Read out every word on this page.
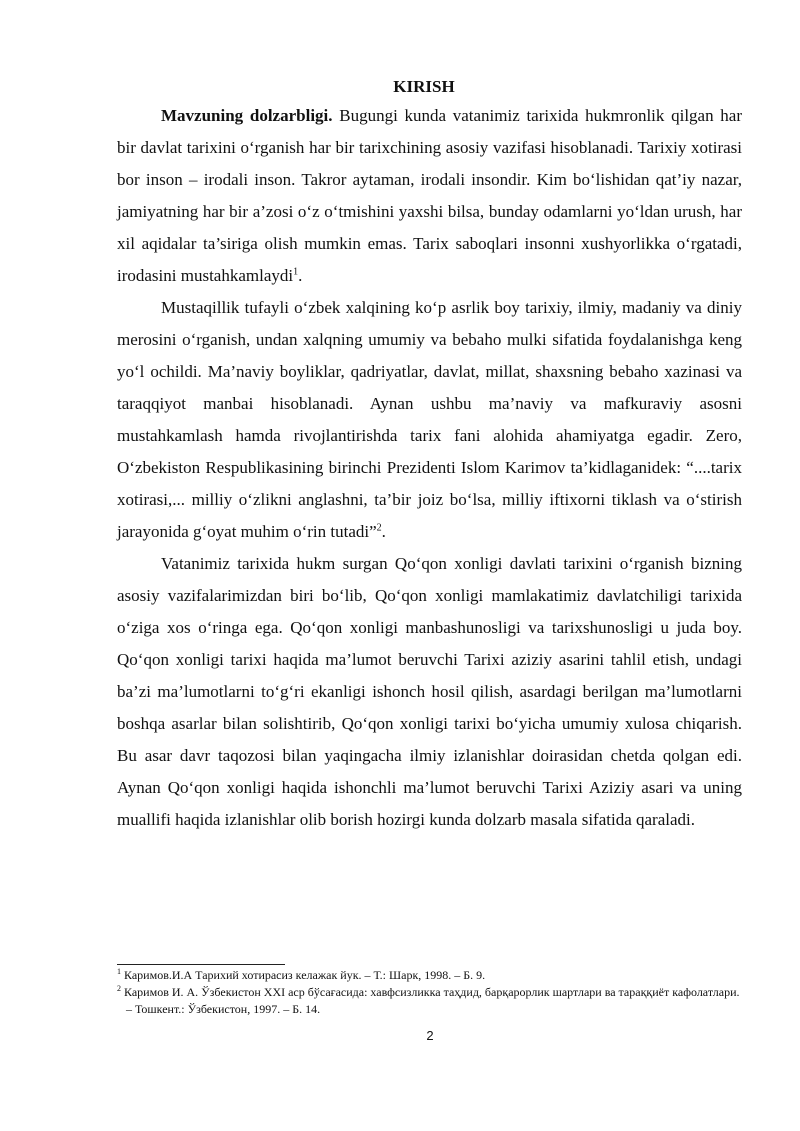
KIRISH

Mavzuning dolzarbligi. Bugungi kunda vatanimiz tarixida hukmronlik qilgan har bir davlat tarixini o‘rganish har bir tarixchining asosiy vazifasi hisoblanadi. Tarixiy xotirasi bor inson – irodali inson. Takror aytaman, irodali insondir. Kim bo‘lishidan qat’iy nazar, jamiyatning har bir a’zosi o‘z o‘tmishini yaxshi bilsa, bunday odamlarni yo‘ldan urush, har xil aqidalar ta’siriga olish mumkin emas. Tarix saboqlari insonni xushyorlikka o‘rgatadi, irodasini mustahkamlaydi$^1$.

Mustaqillik tufayli o‘zbek xalqining ko‘p asrlik boy tarixiy, ilmiy, madaniy va diniy merosini o‘rganish, undan xalqning umumiy va bebaho mulki sifatida foydalanishga keng yo‘l ochildi. Ma’naviy boyliklar, qadriyatlar, davlat, millat, shaxsning bebaho xazinasi va taraqqiyot manbai hisoblanadi. Aynan ushbu ma’naviy va mafkuraviy asosni mustahkamlash hamda rivojlantirishda tarix fani alohida ahamiyatga egadir. Zero, O‘zbekiston Respublikasining birinchi Prezidenti Islom Karimov ta’kidlaganidek: “....tarix xotirasi,... milliy o‘zlikni anglashni, ta’bir joiz bo‘lsa, milliy iftixorni tiklash va o‘stirish jarayonida g‘oyat muhim o‘rin tutadi”$^2$.

Vatanimiz tarixida hukm surgan Qo‘qon xonligi davlati tarixini o‘rganish bizning asosiy vazifalarimizdan biri bo‘lib, Qo‘qon xonligi mamlakatimiz davlatchiligi tarixida o‘ziga xos o‘ringa ega. Qo‘qon xonligi manbashunosligi va tarixshunosligi u juda boy. Qo‘qon xonligi tarixi haqida ma’lumot beruvchi Tarixi aziziy asarini tahlil etish, undagi ba’zi ma’lumotlarni to‘g‘ri ekanligi ishonch hosil qilish, asardagi berilgan ma’lumotlarni boshqa asarlar bilan solishtirib, Qo‘qon xonligi tarixi bo‘yicha umumiy xulosa chiqarish. Bu asar davr taqozosi bilan yaqingacha ilmiy izlanishlar doirasidan chetda qolgan edi. Aynan Qo‘qon xonligi haqida ishonchli ma’lumot beruvchi Tarixi Aziziy asari va uning muallifi haqida izlanishlar olib borish hozirgi kunda dolzarb masala sifatida qaraladi.

$^1$ Каримов.И.А Тарихий хотирасиз келажак йук. – Т.: Шарк, 1998. – Б. 9.

$^2$ Каримов И. А. Ўзбекистон XXI аср бўсағасида: хавфсизликка таҳдид, барқарорлик шартлари ва тараққиёт кафолатлари. – Тошкент.: Ўзбекистон, 1997. – Б. 14.

2
